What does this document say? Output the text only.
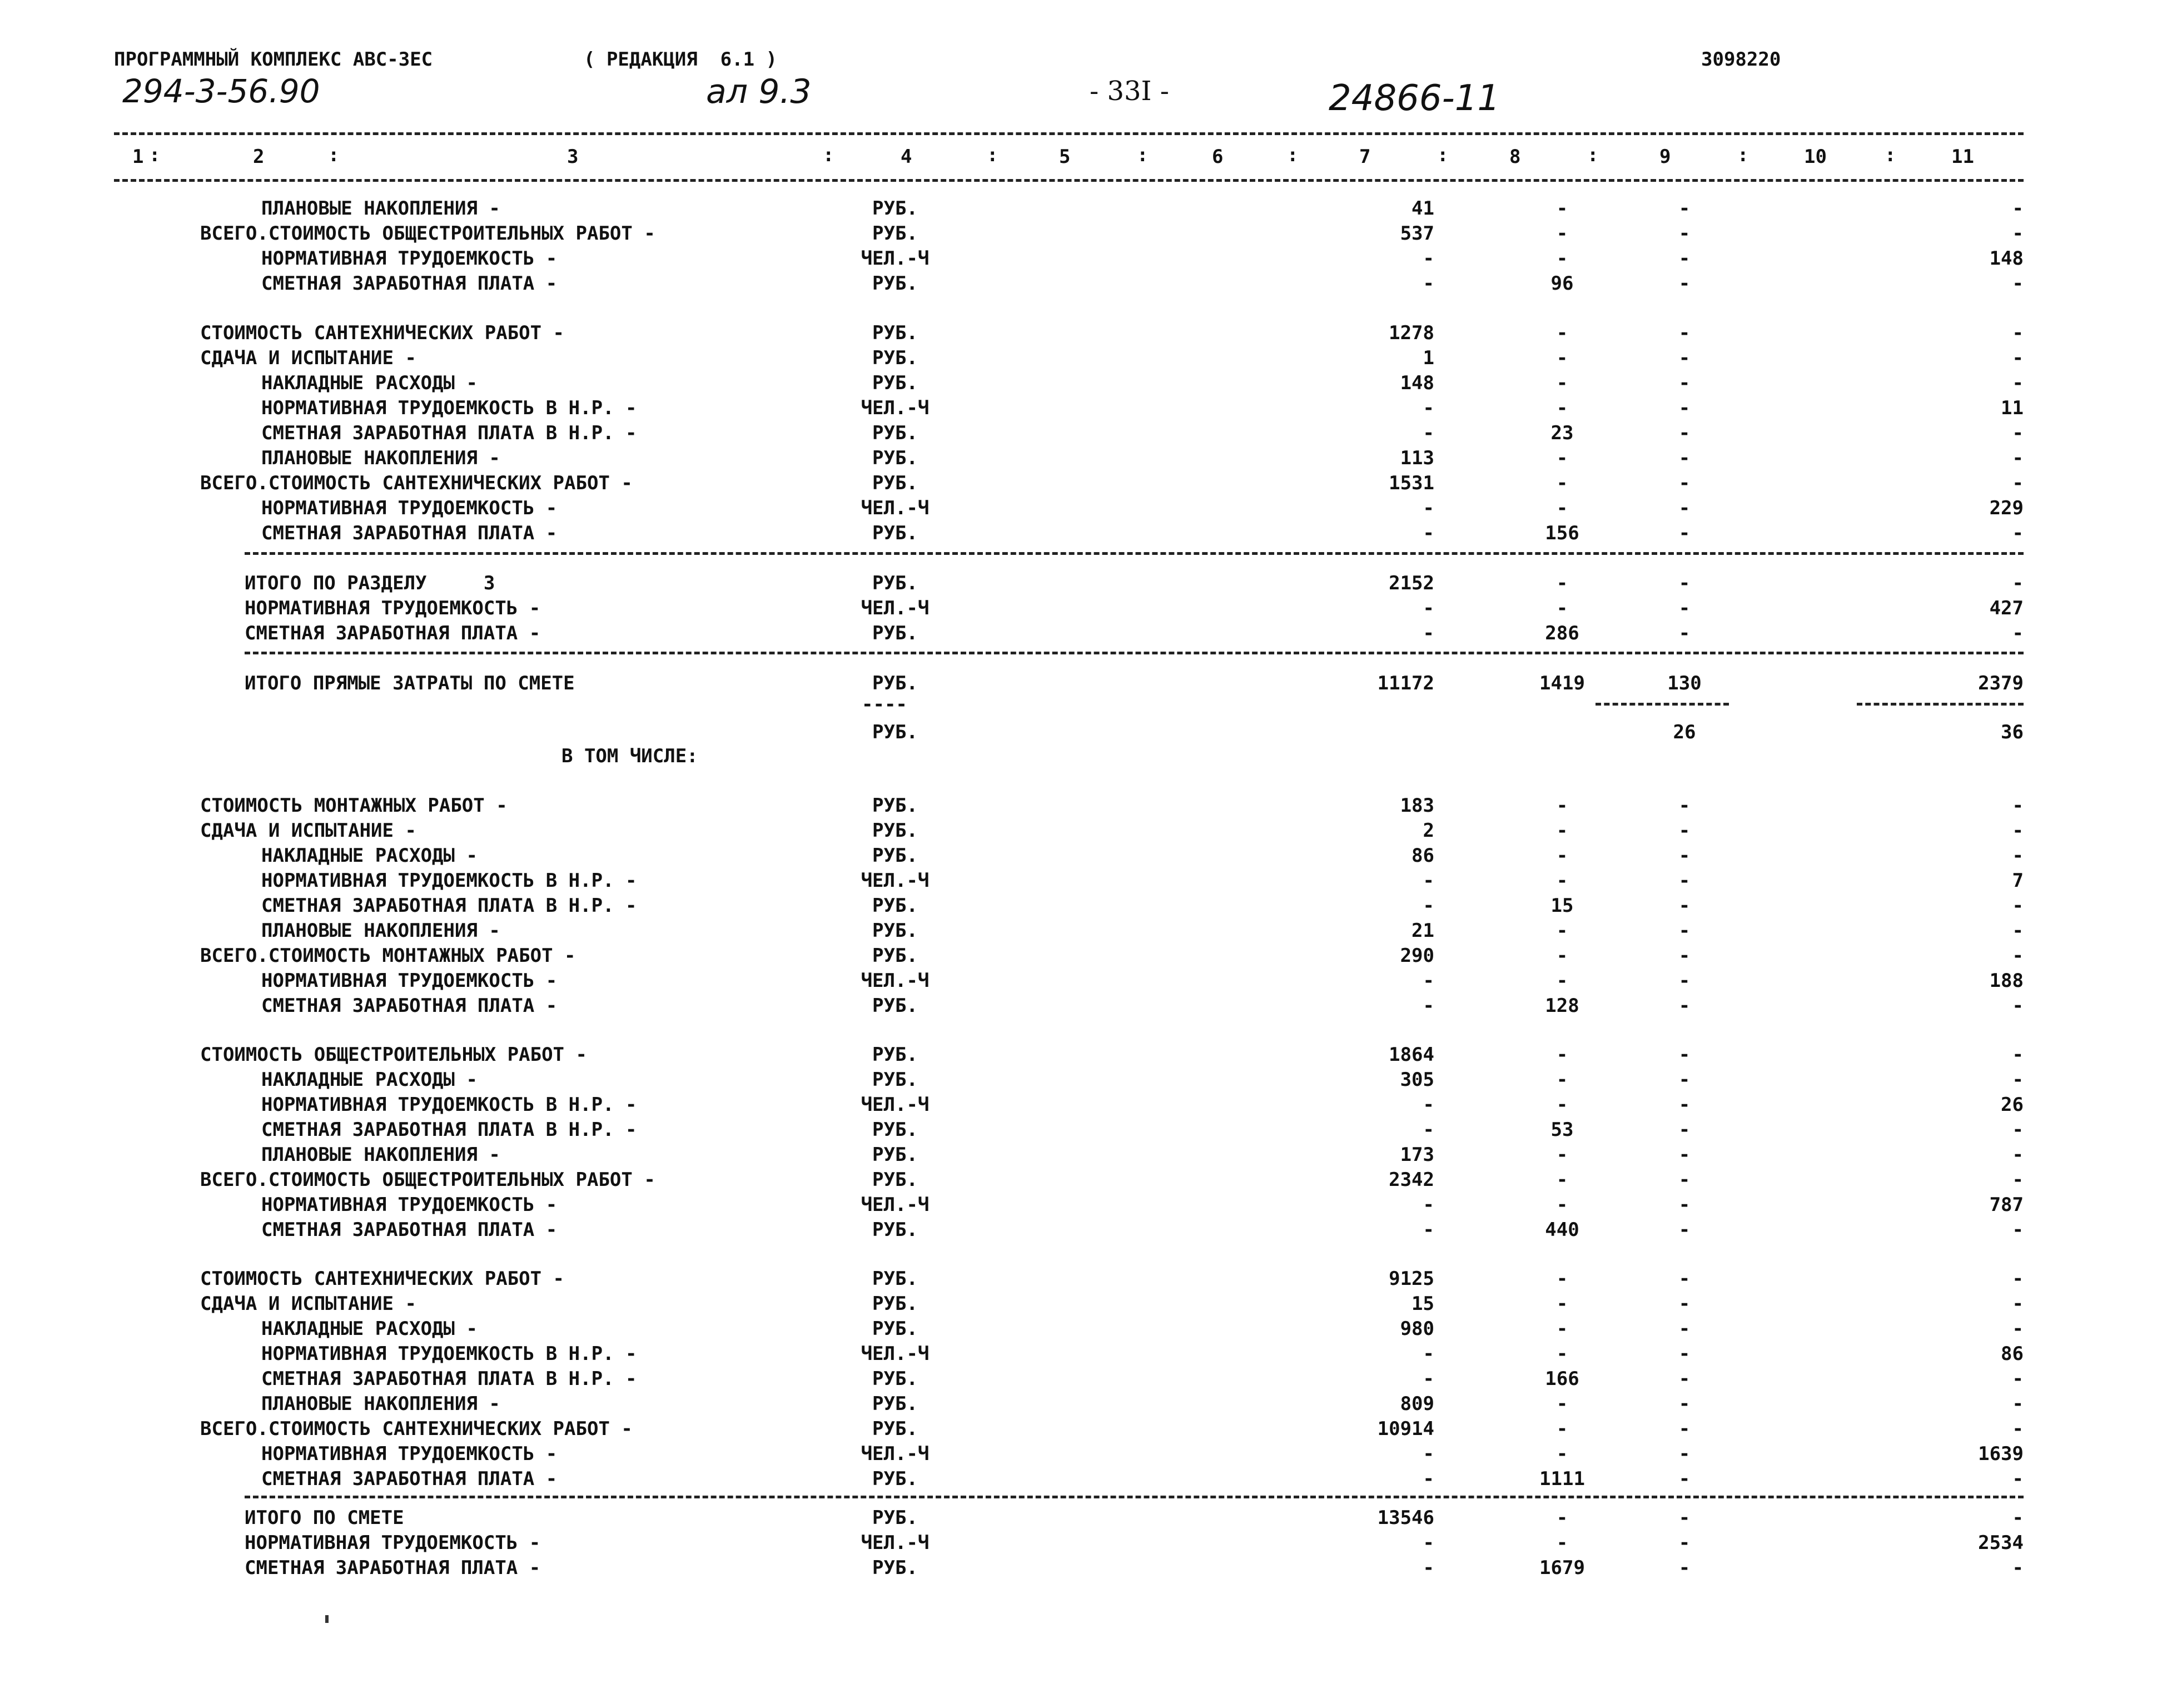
ПРОГРАММНЫЙ КОМПЛЕКС АВС-ЗЕС	( РЕДАКЦИЯ  6.1 )	3098220
294-3-56.90	ал 9.3	- 33I -	24866-11
1	2	3	4	5	6	7	8	9	10	11
:	:	:	:	:	:	:	:	:	:
ПЛАНОВЫЕ НАКОПЛЕНИЯ -	РУБ.	41	-	-	-
ВСЕГО.СТОИМОСТЬ ОБЩЕСТРОИТЕЛЬНЫХ РАБОТ -	РУБ.	537	-	-	-
НОРМАТИВНАЯ ТРУДОЕМКОСТЬ -	ЧЕЛ.-Ч	-	-	-	148
СМЕТНАЯ ЗАРАБОТНАЯ ПЛАТА -	РУБ.	-	96	-	-
СТОИМОСТЬ САНТЕХНИЧЕСКИХ РАБОТ -	РУБ.	1278	-	-	-
СДАЧА И ИСПЫТАНИЕ -	РУБ.	1	-	-	-
НАКЛАДНЫЕ РАСХОДЫ -	РУБ.	148	-	-	-
НОРМАТИВНАЯ ТРУДОЕМКОСТЬ В Н.Р. -	ЧЕЛ.-Ч	-	-	-	11
СМЕТНАЯ ЗАРАБОТНАЯ ПЛАТА В Н.Р. -	РУБ.	-	23	-	-
ПЛАНОВЫЕ НАКОПЛЕНИЯ -	РУБ.	113	-	-	-
ВСЕГО.СТОИМОСТЬ САНТЕХНИЧЕСКИХ РАБОТ -	РУБ.	1531	-	-	-
НОРМАТИВНАЯ ТРУДОЕМКОСТЬ -	ЧЕЛ.-Ч	-	-	-	229
СМЕТНАЯ ЗАРАБОТНАЯ ПЛАТА -	РУБ.	-	156	-	-
ИТОГО ПО РАЗДЕЛУ     3	РУБ.	2152	-	-	-
НОРМАТИВНАЯ ТРУДОЕМКОСТЬ -	ЧЕЛ.-Ч	-	-	-	427
СМЕТНАЯ ЗАРАБОТНАЯ ПЛАТА -	РУБ.	-	286	-	-
ИТОГО ПРЯМЫЕ ЗАТРАТЫ ПО СМЕТЕ	РУБ.	11172	1419	130	2379
----
РУБ.	26	36
В ТОМ ЧИСЛЕ:
СТОИМОСТЬ МОНТАЖНЫХ РАБОТ -	РУБ.	183	-	-	-
СДАЧА И ИСПЫТАНИЕ -	РУБ.	2	-	-	-
НАКЛАДНЫЕ РАСХОДЫ -	РУБ.	86	-	-	-
НОРМАТИВНАЯ ТРУДОЕМКОСТЬ В Н.Р. -	ЧЕЛ.-Ч	-	-	-	7
СМЕТНАЯ ЗАРАБОТНАЯ ПЛАТА В Н.Р. -	РУБ.	-	15	-	-
ПЛАНОВЫЕ НАКОПЛЕНИЯ -	РУБ.	21	-	-	-
ВСЕГО.СТОИМОСТЬ МОНТАЖНЫХ РАБОТ -	РУБ.	290	-	-	-
НОРМАТИВНАЯ ТРУДОЕМКОСТЬ -	ЧЕЛ.-Ч	-	-	-	188
СМЕТНАЯ ЗАРАБОТНАЯ ПЛАТА -	РУБ.	-	128	-	-
СТОИМОСТЬ ОБЩЕСТРОИТЕЛЬНЫХ РАБОТ -	РУБ.	1864	-	-	-
НАКЛАДНЫЕ РАСХОДЫ -	РУБ.	305	-	-	-
НОРМАТИВНАЯ ТРУДОЕМКОСТЬ В Н.Р. -	ЧЕЛ.-Ч	-	-	-	26
СМЕТНАЯ ЗАРАБОТНАЯ ПЛАТА В Н.Р. -	РУБ.	-	53	-	-
ПЛАНОВЫЕ НАКОПЛЕНИЯ -	РУБ.	173	-	-	-
ВСЕГО.СТОИМОСТЬ ОБЩЕСТРОИТЕЛЬНЫХ РАБОТ -	РУБ.	2342	-	-	-
НОРМАТИВНАЯ ТРУДОЕМКОСТЬ -	ЧЕЛ.-Ч	-	-	-	787
СМЕТНАЯ ЗАРАБОТНАЯ ПЛАТА -	РУБ.	-	440	-	-
СТОИМОСТЬ САНТЕХНИЧЕСКИХ РАБОТ -	РУБ.	9125	-	-	-
СДАЧА И ИСПЫТАНИЕ -	РУБ.	15	-	-	-
НАКЛАДНЫЕ РАСХОДЫ -	РУБ.	980	-	-	-
НОРМАТИВНАЯ ТРУДОЕМКОСТЬ В Н.Р. -	ЧЕЛ.-Ч	-	-	-	86
СМЕТНАЯ ЗАРАБОТНАЯ ПЛАТА В Н.Р. -	РУБ.	-	166	-	-
ПЛАНОВЫЕ НАКОПЛЕНИЯ -	РУБ.	809	-	-	-
ВСЕГО.СТОИМОСТЬ САНТЕХНИЧЕСКИХ РАБОТ -	РУБ.	10914	-	-	-
НОРМАТИВНАЯ ТРУДОЕМКОСТЬ -	ЧЕЛ.-Ч	-	-	-	1639
СМЕТНАЯ ЗАРАБОТНАЯ ПЛАТА -	РУБ.	-	1111	-	-
ИТОГО ПО СМЕТЕ	РУБ.	13546	-	-	-
НОРМАТИВНАЯ ТРУДОЕМКОСТЬ -	ЧЕЛ.-Ч	-	-	-	2534
СМЕТНАЯ ЗАРАБОТНАЯ ПЛАТА -	РУБ.	-	1679	-	-
